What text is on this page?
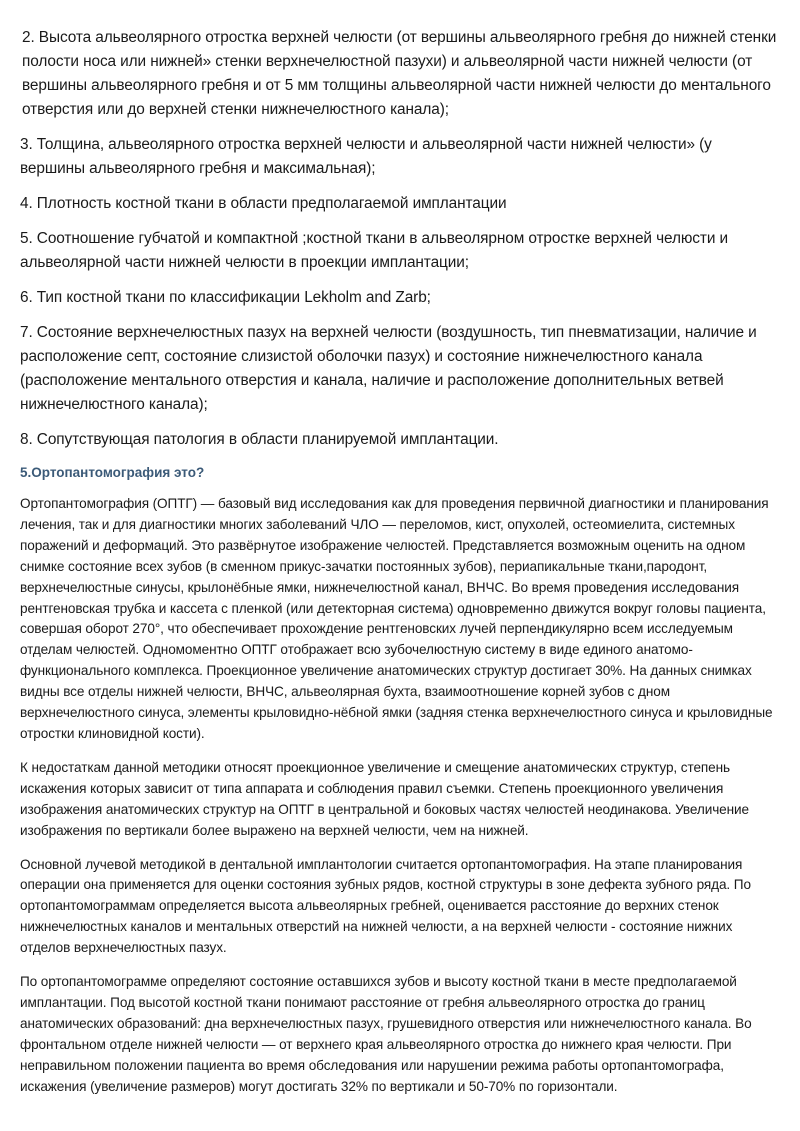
2. Высота альвеолярного отростка верхней челюсти (от вершины альвеолярного гребня до нижней стенки полости носа или нижней» стенки верхнечелюстной пазухи) и альвеолярной части нижней челюсти (от вершины альвеолярного гребня и от 5 мм толщины альвеолярной части нижней челюсти до ментального отверстия или до верхней стенки нижнечелюстного канала);

3. Толщина, альвеолярного отростка верхней челюсти и альвеолярной части нижней челюсти» (у вершины альвеолярного гребня и максимальная);

4. Плотность костной ткани в области предполагаемой имплантации

5. Соотношение губчатой и компактной ;костной ткани в альвеолярном отростке верхней челюсти и альвеолярной части нижней челюсти в проекции имплантации;

6. Тип костной ткани по классификации Lekholm and Zarb;

7. Состояние верхнечелюстных пазух на верхней челюсти (воздушность, тип пневматизации, наличие и расположение септ, состояние слизистой оболочки пазух) и состояние нижнечелюстного канала (расположение ментального отверстия и канала, наличие и расположение дополнительных ветвей нижнечелюстного канала);

8. Сопутствующая патология в области планируемой имплантации.

5.Ортопантомография это?

Ортопантомография (ОПТГ) — базовый вид исследования как для проведения первичной диагностики и планирования лечения, так и для диагностики многих заболеваний ЧЛО — переломов, кист, опухолей, остеомиелита, системных поражений и деформаций. Это развёрнутое изображение челюстей. Представляется возможным оценить на одном снимке состояние всех зубов (в сменном прикус-зачатки постоянных зубов), периапикальные ткани,пародонт, верхнечелюстные синусы, крылонёбные ямки, нижнечелюстной канал, ВНЧС. Во время проведения исследования рентгеновская трубка и кассета с пленкой (или детекторная система) одновременно движутся вокруг головы пациента, совершая оборот 270°, что обеспечивает прохождение рентгеновских лучей перпендикулярно всем исследуемым отделам челюстей. Одномоментно ОПТГ отображает всю зубочелюстную систему в виде единого анатомо-функционального комплекса. Проекционное увеличение анатомических структур достигает 30%. На данных снимках видны все отделы нижней челюсти, ВНЧС, альвеолярная бухта, взаимоотношение корней зубов с дном верхнечелюстного синуса, элементы крыловидно-нёбной ямки (задняя стенка верхнечелюстного синуса и крыловидные отростки клиновидной кости).

К недостаткам данной методики относят проекционное увеличение и смещение анатомических структур, степень искажения которых зависит от типа аппарата и соблюдения правил съемки. Степень проекционного увеличения изображения анатомических структур на ОПТГ в центральной и боковых частях челюстей неодинакова. Увеличение изображения по вертикали более выражено на верхней челюсти, чем на нижней.

Основной лучевой методикой в дентальной имплантологии считается ортопантомография. На этапе планирования операции она применяется для оценки состояния зубных рядов, костной структуры в зоне дефекта зубного ряда. По ортопантомограммам определяется высота альвеолярных гребней, оценивается расстояние до верхних стенок нижнечелюстных каналов и ментальных отверстий на нижней челюсти, а на верхней челюсти - состояние нижних отделов верхнечелюстных пазух.

По ортопантомограмме определяют состояние оставшихся зубов и высоту костной ткани в месте предполагаемой имплантации. Под высотой костной ткани понимают расстояние от гребня альвеолярного отростка до границ анатомических образований: дна верхнечелюстных пазух, грушевидного отверстия или нижнечелюстного канала. Во фронтальном отделе нижней челюсти — от верхнего края альвеолярного отростка до нижнего края челюсти. При неправильном положении пациента во время обследования или нарушении режима работы ортопантомографа, искажения (увеличение размеров) могут достигать 32% по вертикали и 50-70% по горизонтали.
